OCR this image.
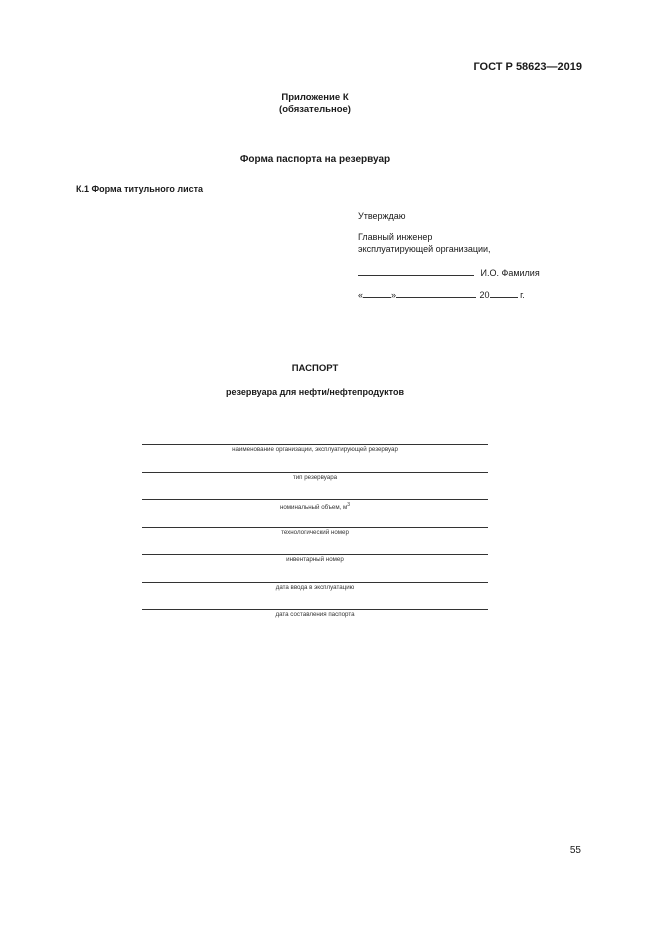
ГОСТ Р 58623—2019
Приложение К
(обязательное)
Форма паспорта на резервуар
К.1 Форма титульного листа
Утверждаю
Главный инженер
эксплуатирующей организации,
И.О. Фамилия
«	»	20	г.
ПАСПОРТ
резервуара для нефти/нефтепродуктов
наименование организации, эксплуатирующей резервуар
тип резервуара
номинальный объем, $м^3$
технологический номер
инвентарный номер
дата ввода в эксплуатацию
дата составления паспорта
55
